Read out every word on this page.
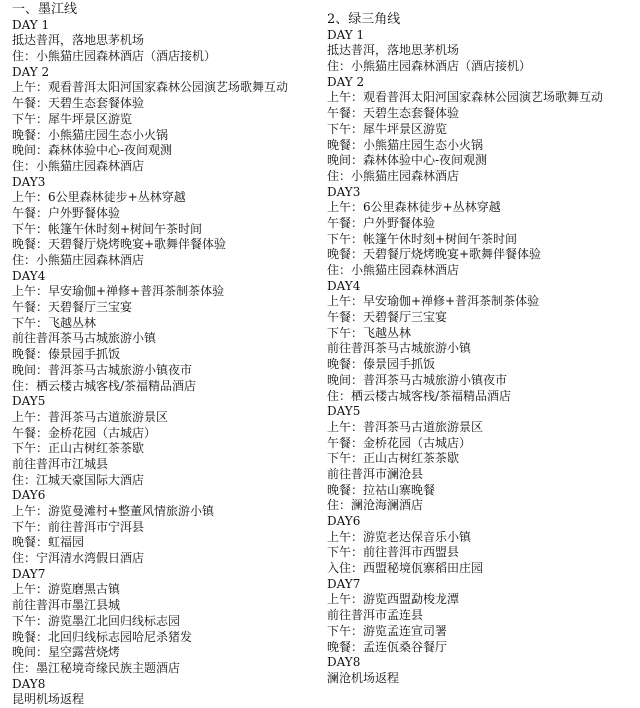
一、墨江线
DAY 1
抵达普洱，落地思茅机场
住：小熊猫庄园森林酒店（酒店接机）
DAY 2
上午：观看普洱太阳河国家森林公园演艺场歌舞互动
午餐：天碧生态套餐体验
下午：犀牛坪景区游览
晚餐：小熊猫庄园生态小火锅
晚间：森林体验中心-夜间观测
住：小熊猫庄园森林酒店
DAY3
上午：6公里森林徒步+丛林穿越
午餐：户外野餐体验
下午：帐篷午休时刻+树间午茶时间
晚餐：天碧餐厅烧烤晚宴+歌舞伴餐体验
住：小熊猫庄园森林酒店
DAY4
上午：早安瑜伽+禅修+普洱茶制茶体验
午餐：天碧餐厅三宝宴
下午：飞越丛林
前往普洱茶马古城旅游小镇
晚餐：傣景园手抓饭
晚间：普洱茶马古城旅游小镇夜市
住：栖云楼古城客栈/茶福精品酒店
DAY5
上午：普洱茶马古道旅游景区
午餐：金桥花园（古城店）
下午：正山古树红茶茶歇
前往普洱市江城县
住：江城天豪国际大酒店
DAY6
上午：游览曼滩村+整董风情旅游小镇
下午：前往普洱市宁洱县
晚餐：虹福园
住：宁洱清水湾假日酒店
DAY7
上午：游览磨黑古镇
前往普洱市墨江县城
下午：游览墨江北回归线标志园
晚餐：北回归线标志园哈尼杀猪发
晚间：星空露营烧烤
住：墨江秘境奇缘民族主题酒店
DAY8
昆明机场返程
2、绿三角线
DAY 1
抵达普洱，落地思茅机场
住：小熊猫庄园森林酒店（酒店接机）
DAY 2
上午：观看普洱太阳河国家森林公园演艺场歌舞互动
午餐：天碧生态套餐体验
下午：犀牛坪景区游览
晚餐：小熊猫庄园生态小火锅
晚间：森林体验中心-夜间观测
住：小熊猫庄园森林酒店
DAY3
上午：6公里森林徒步+丛林穿越
午餐：户外野餐体验
下午：帐篷午休时刻+树间午茶时间
晚餐：天碧餐厅烧烤晚宴+歌舞伴餐体验
住：小熊猫庄园森林酒店
DAY4
上午：早安瑜伽+禅修+普洱茶制茶体验
午餐：天碧餐厅三宝宴
下午：飞越丛林
前往普洱茶马古城旅游小镇
晚餐：傣景园手抓饭
晚间：普洱茶马古城旅游小镇夜市
住：栖云楼古城客栈/茶福精品酒店
DAY5
上午：普洱茶马古道旅游景区
午餐：金桥花园（古城店）
下午：正山古树红茶茶歇
前往普洱市澜沧县
晚餐：拉祜山寨晚餐
住：澜沧海澜酒店
DAY6
上午：游览老达保音乐小镇
下午：前往普洱市西盟县
入住：西盟秘境佤寨稻田庄园
DAY7
上午：游览西盟勐梭龙潭
前往普洱市孟连县
下午：游览孟连宣司署
晚餐：孟连佤桑谷餐厅
DAY8
澜沧机场返程
